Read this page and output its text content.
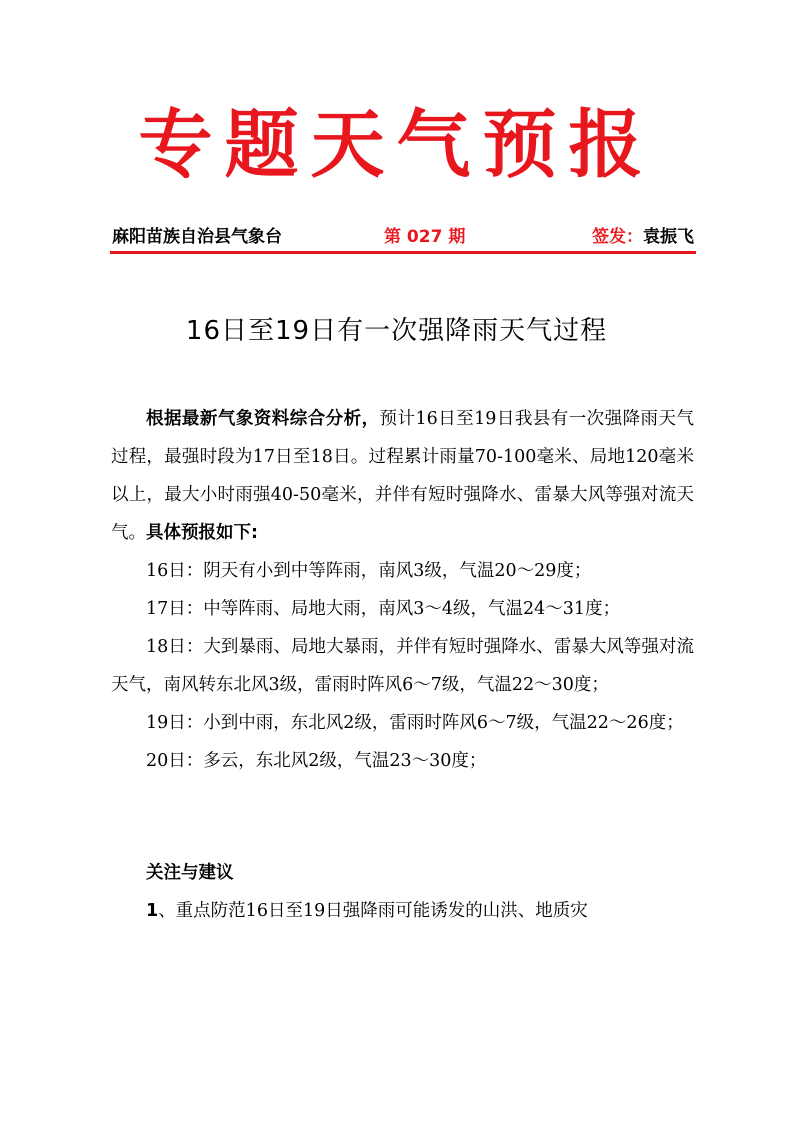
专题天气预报
麻阳苗族自治县气象台	第 027 期	签发：袁振飞
16日至19日有一次强降雨天气过程

根据最新气象资料综合分析，预计16日至19日我县有一次强降雨天气过程，最强时段为17日至18日。过程累计雨量70-100毫米、局地120毫米以上，最大小时雨强40-50毫米，并伴有短时强降水、雷暴大风等强对流天气。具体预报如下:

16日：阴天有小到中等阵雨，南风3级，气温20～29度；

17日：中等阵雨、局地大雨，南风3～4级，气温24～31度；

18日：大到暴雨、局地大暴雨，并伴有短时强降水、雷暴大风等强对流天气，南风转东北风3级，雷雨时阵风6～7级，气温22～30度；

19日：小到中雨，东北风2级，雷雨时阵风6～7级，气温22～26度；

20日：多云，东北风2级，气温23～30度；

关注与建议

1、重点防范16日至19日强降雨可能诱发的山洪、地质灾
